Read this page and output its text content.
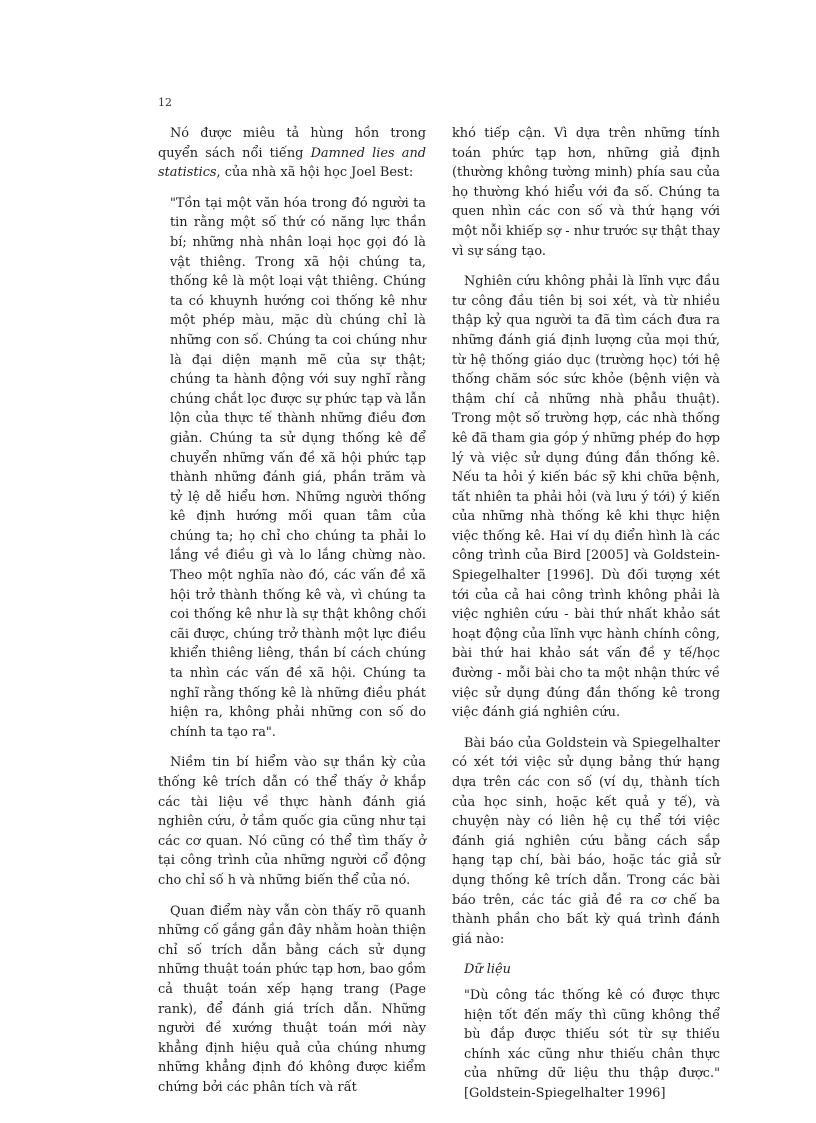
12

Nó được miêu tả hùng hồn trong quyển sách nổi tiếng Damned lies and statistics, của nhà xã hội học Joel Best:

"Tồn tại một văn hóa trong đó người ta tin rằng một số thứ có năng lực thần bí; những nhà nhân loại học gọi đó là vật thiêng. Trong xã hội chúng ta, thống kê là một loại vật thiêng. Chúng ta có khuynh hướng coi thống kê như một phép màu, mặc dù chúng chỉ là những con số. Chúng ta coi chúng như là đại diện mạnh mẽ của sự thật; chúng ta hành động với suy nghĩ rằng chúng chắt lọc được sự phức tạp và lẫn lộn của thực tế thành những điều đơn giản. Chúng ta sử dụng thống kê để chuyển những vấn đề xã hội phức tạp thành những đánh giá, phần trăm và tỷ lệ dễ hiểu hơn. Những người thống kê định hướng mối quan tâm của chúng ta; họ chỉ cho chúng ta phải lo lắng về điều gì và lo lắng chừng nào. Theo một nghĩa nào đó, các vấn đề xã hội trở thành thống kê và, vì chúng ta coi thống kê như là sự thật không chối cãi được, chúng trở thành một lực điều khiển thiêng liêng, thần bí cách chúng ta nhìn các vấn đề xã hội. Chúng ta nghĩ rằng thống kê là những điều phát hiện ra, không phải những con số do chính ta tạo ra".

Niềm tin bí hiểm vào sự thần kỳ của thống kê trích dẫn có thể thấy ở khắp các tài liệu về thực hành đánh giá nghiên cứu, ở tầm quốc gia cũng như tại các cơ quan. Nó cũng có thể tìm thấy ở tại công trình của những người cổ động cho chỉ số h và những biến thể của nó.

Quan điểm này vẫn còn thấy rõ quanh những cố gắng gần đây nhằm hoàn thiện chỉ số trích dẫn bằng cách sử dụng những thuật toán phức tạp hơn, bao gồm cả thuật toán xếp hạng trang (Page rank), để đánh giá trích dẫn. Những người đề xướng thuật toán mới này khẳng định hiệu quả của chúng nhưng những khẳng định đó không được kiểm chứng bởi các phân tích và rất

khó tiếp cận. Vì dựa trên những tính toán phức tạp hơn, những giả định (thường không tường minh) phía sau của họ thường khó hiểu với đa số. Chúng ta quen nhìn các con số và thứ hạng với một nỗi khiếp sợ - như trước sự thật thay vì sự sáng tạo.

Nghiên cứu không phải là lĩnh vực đầu tư công đầu tiên bị soi xét, và từ nhiều thập kỷ qua người ta đã tìm cách đưa ra những đánh giá định lượng của mọi thứ, từ hệ thống giáo dục (trường học) tới hệ thống chăm sóc sức khỏe (bệnh viện và thậm chí cả những nhà phẫu thuật). Trong một số trường hợp, các nhà thống kê đã tham gia góp ý những phép đo hợp lý và việc sử dụng đúng đắn thống kê. Nếu ta hỏi ý kiến bác sỹ khi chữa bệnh, tất nhiên ta phải hỏi (và lưu ý tới) ý kiến của những nhà thống kê khi thực hiện việc thống kê. Hai ví dụ điển hình là các công trình của Bird [2005] và Goldstein-Spiegelhalter [1996]. Dù đối tượng xét tới của cả hai công trình không phải là việc nghiên cứu - bài thứ nhất khảo sát hoạt động của lĩnh vực hành chính công, bài thứ hai khảo sát vấn đề y tế/học đường - mỗi bài cho ta một nhận thức về việc sử dụng đúng đắn thống kê trong việc đánh giá nghiên cứu.

Bài báo của Goldstein và Spiegelhalter có xét tới việc sử dụng bảng thứ hạng dựa trên các con số (ví dụ, thành tích của học sinh, hoặc kết quả y tế), và chuyện này có liên hệ cụ thể tới việc đánh giá nghiên cứu bằng cách sắp hạng tạp chí, bài báo, hoặc tác giả sử dụng thống kê trích dẫn. Trong các bài báo trên, các tác giả đề ra cơ chế ba thành phần cho bất kỳ quá trình đánh giá nào:

Dữ liệu

"Dù công tác thống kê có được thực hiện tốt đến mấy thì cũng không thể bù đắp được thiếu sót từ sự thiếu chính xác cũng như thiếu chân thực của những dữ liệu thu thập được." [Goldstein-Spiegelhalter 1996]
